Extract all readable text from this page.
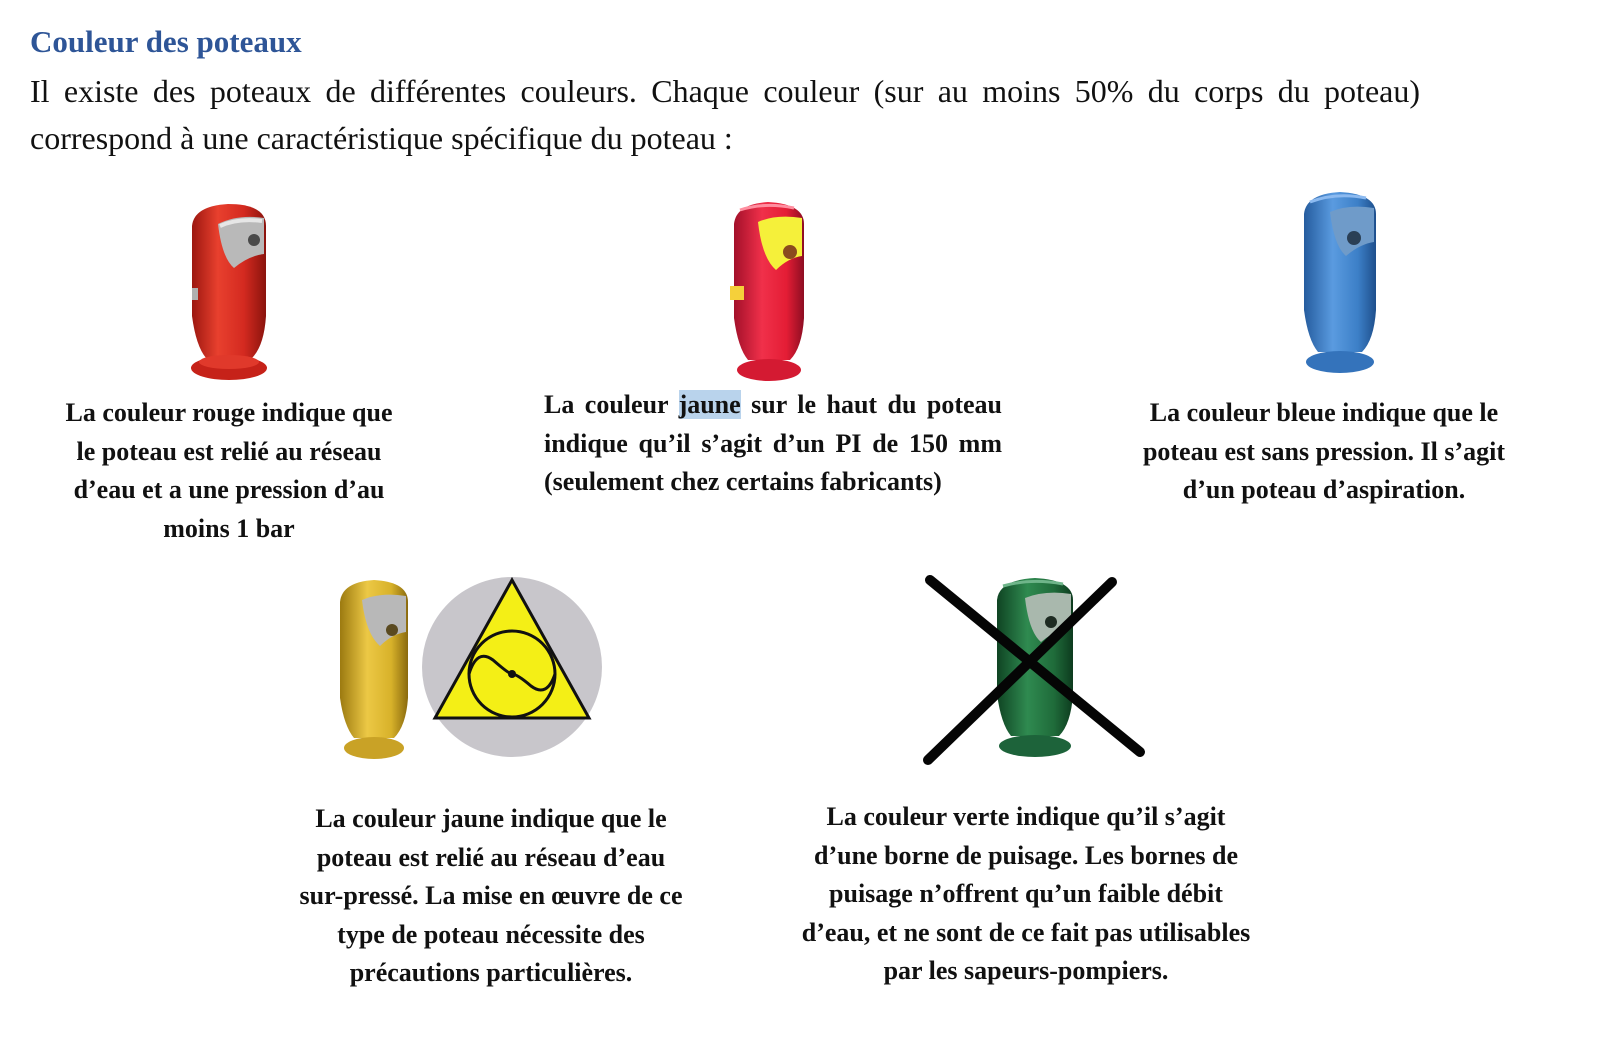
Couleur des poteaux
Il existe des poteaux de différentes couleurs. Chaque couleur (sur au moins 50% du corps du poteau) correspond à une caractéristique spécifique du poteau :
La couleur rouge indique que le poteau est relié au réseau d’eau et a une pression d’au moins 1 bar
La couleur jaune sur le haut du poteau indique qu’il s’agit d’un PI de 150 mm (seulement chez certains fabricants)
La couleur bleue indique que le poteau est sans pression. Il s’agit d’un poteau d’aspiration.
La couleur jaune indique que le poteau est relié au réseau d’eau sur-pressé. La mise en œuvre de ce type de poteau nécessite des précautions particulières.
La couleur verte indique qu’il s’agit d’une borne de puisage. Les bornes de puisage n’offrent qu’un faible débit d’eau, et ne sont de ce fait pas utilisables par les sapeurs-pompiers.
